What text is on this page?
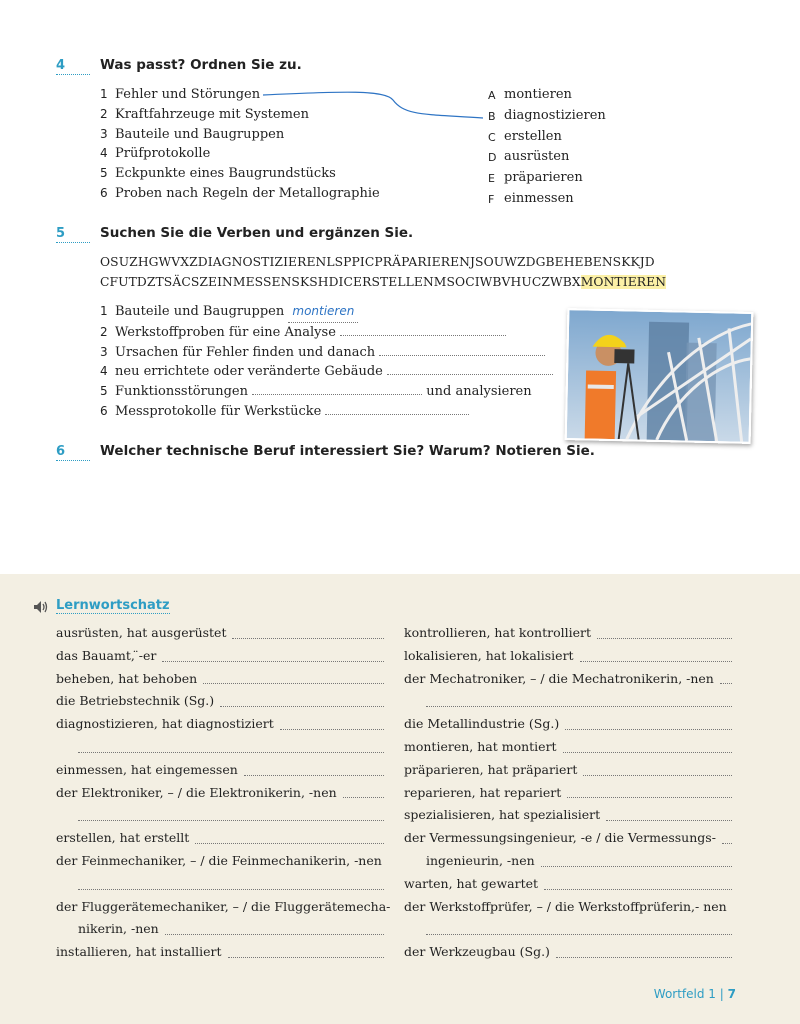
4	Was passt? Ordnen Sie zu.
1 Fehler und Störungen
2 Kraftfahrzeuge mit Systemen
3 Bauteile und Baugruppen
4 Prüfprotokolle
5 Eckpunkte eines Baugrundstücks
6 Proben nach Regeln der Metallographie
A montieren
B diagnostizieren
C erstellen
D ausrüsten
E präparieren
F einmessen
5	Suchen Sie die Verben und ergänzen Sie.
OSUZHGWVXZDIAGNOSTIZIERENLSPPICPRÄPARIERENJSOUWZDGBEHEBENSKKJD
CFUTDZTSÄCSZEINMESSENSKSHDICERSTELLENMSOCIWBVHUCZWBXMONTIEREN
1 Bauteile und Baugruppen
montieren
2 Werkstoffproben für eine Analyse

3 Ursachen für Fehler finden und danach

4 neu errichtete oder veränderte Gebäude

5 Funktionsstörungen

	und analysieren
6 Messprotokolle für Werkstücke

6	Welcher technische Beruf interessiert Sie? Warum? Notieren Sie.
Lernwortschatz
ausrüsten, hat ausgerüstet
das Bauamt, ̈-er
beheben, hat behoben
die Betriebstechnik (Sg.)
diagnostizieren, hat diagnostiziert
einmessen, hat eingemessen
der Elektroniker, – / die Elektronikerin, -nen
erstellen, hat erstellt
der Feinmechaniker, – / die Feinmechanikerin, -nen
der Fluggerätemechaniker, – / die Fluggerätemecha-
nikerin, -nen
installieren, hat installiert
kontrollieren, hat kontrolliert
lokalisieren, hat lokalisiert
der Mechatroniker, – / die Mechatronikerin, -nen
die Metallindustrie (Sg.)
montieren, hat montiert
präparieren, hat präpariert
reparieren, hat repariert
spezialisieren, hat spezialisiert
der Vermessungsingenieur, -e / die Vermessungs-
ingenieurin, -nen
warten, hat gewartet
der Werkstoffprüfer, – / die Werkstoffprüferin,- nen
der Werkzeugbau (Sg.)
Wortfeld 1 | 7
